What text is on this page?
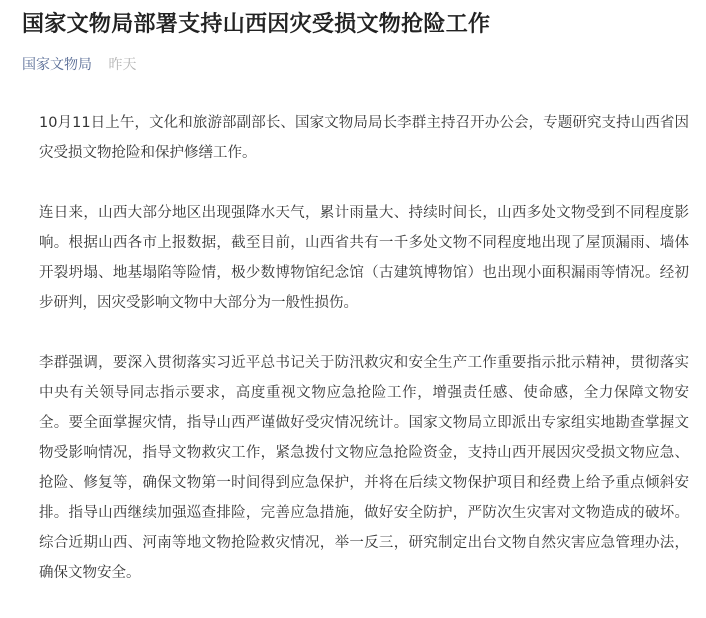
国家文物局部署支持山西因灾受损文物抢险工作
国家文物局 昨天

10月11日上午，文化和旅游部副部长、国家文物局局长李群主持召开办公会，专题研究支持山西省因灾受损文物抢险和保护修缮工作。

连日来，山西大部分地区出现强降水天气，累计雨量大、持续时间长，山西多处文物受到不同程度影响。根据山西各市上报数据，截至目前，山西省共有一千多处文物不同程度地出现了屋顶漏雨、墙体开裂坍塌、地基塌陷等险情，极少数博物馆纪念馆（古建筑博物馆）也出现小面积漏雨等情况。经初步研判，因灾受影响文物中大部分为一般性损伤。

李群强调，要深入贯彻落实习近平总书记关于防汛救灾和安全生产工作重要指示批示精神，贯彻落实中央有关领导同志指示要求，高度重视文物应急抢险工作，增强责任感、使命感，全力保障文物安全。要全面掌握灾情，指导山西严谨做好受灾情况统计。国家文物局立即派出专家组实地勘查掌握文物受影响情况，指导文物救灾工作，紧急拨付文物应急抢险资金，支持山西开展因灾受损文物应急、抢险、修复等，确保文物第一时间得到应急保护，并将在后续文物保护项目和经费上给予重点倾斜安排。指导山西继续加强巡查排险，完善应急措施，做好安全防护，严防次生灾害对文物造成的破坏。综合近期山西、河南等地文物抢险救灾情况，举一反三，研究制定出台文物自然灾害应急管理办法，确保文物安全。
